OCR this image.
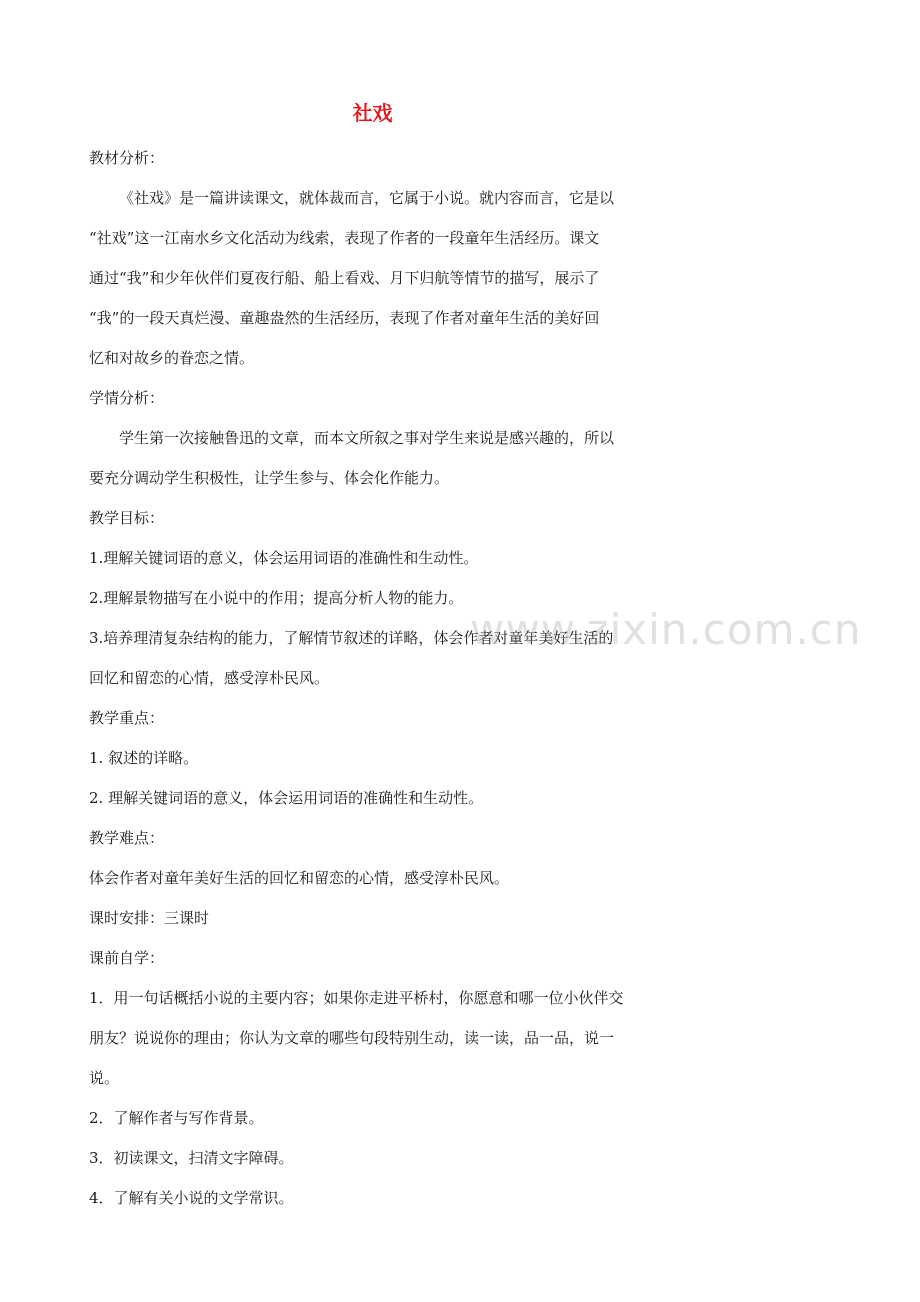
社戏
教材分析：
《社戏》是一篇讲读课文，就体裁而言，它属于小说。就内容而言，它是以
“社戏”这一江南水乡文化活动为线索，表现了作者的一段童年生活经历。课文
通过“我”和少年伙伴们夏夜行船、船上看戏、月下归航等情节的描写，展示了
“我”的一段天真烂漫、童趣盎然的生活经历，表现了作者对童年生活的美好回
忆和对故乡的眷恋之情。
学情分析：
学生第一次接触鲁迅的文章，而本文所叙之事对学生来说是感兴趣的，所以
要充分调动学生积极性，让学生参与、体会化作能力。
教学目标：
1.理解关键词语的意义，体会运用词语的准确性和生动性。
2.理解景物描写在小说中的作用；提高分析人物的能力。
3.培养理清复杂结构的能力，了解情节叙述的详略，体会作者对童年美好生活的
回忆和留恋的心情，感受淳朴民风。
教学重点：
1. 叙述的详略。
2. 理解关键词语的意义，体会运用词语的准确性和生动性。
教学难点：
体会作者对童年美好生活的回忆和留恋的心情，感受淳朴民风。
课时安排：三课时
课前自学：
1．用一句话概括小说的主要内容；如果你走进平桥村，你愿意和哪一位小伙伴交
朋友？说说你的理由；你认为文章的哪些句段特别生动，读一读，品一品，说一
说。
2．了解作者与写作背景。
3．初读课文，扫清文字障碍。
4．了解有关小说的文学常识。
www.zixin.com.cn
